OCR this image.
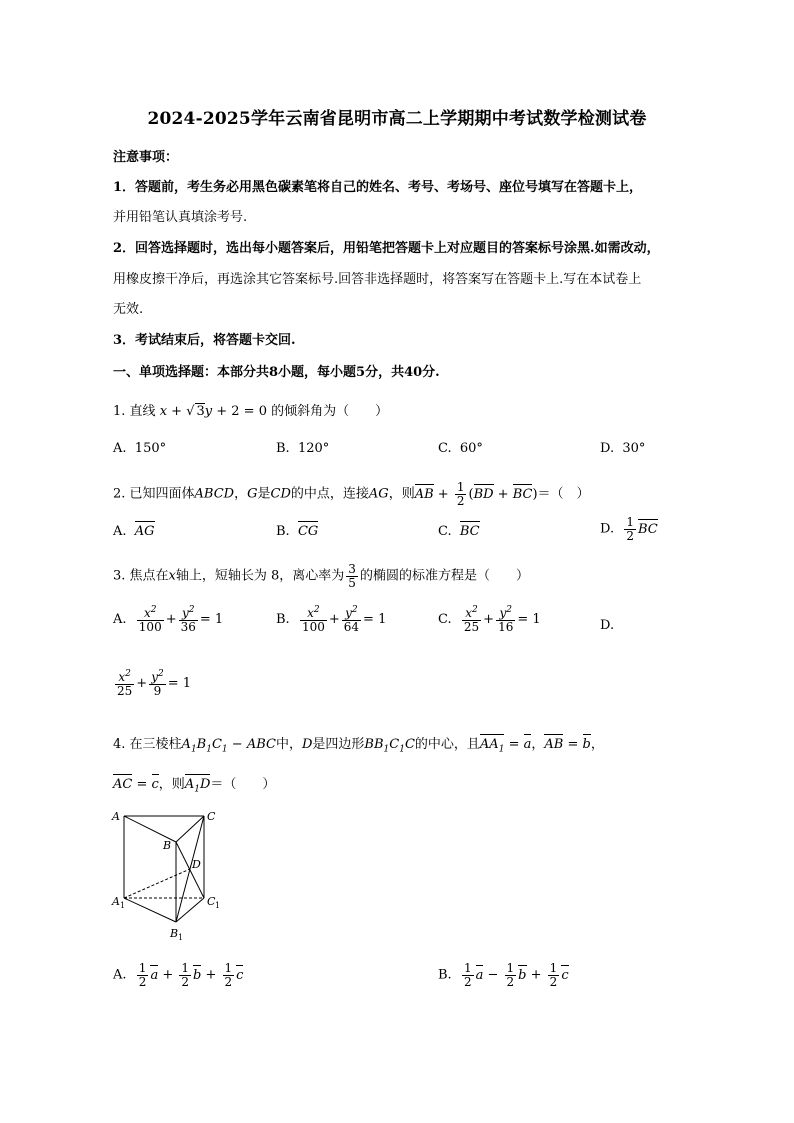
2024-2025学年云南省昆明市高二上学期期中考试数学检测试卷
注意事项：
1．答题前，考生务必用黑色碳素笔将自己的姓名、考号、考场号、座位号填写在答题卡上，
并用铅笔认真填涂考号.
2．回答选择题时，选出每小题答案后，用铅笔把答题卡上对应题目的答案标号涂黑.如需改动，
用橡皮擦干净后，再选涂其它答案标号.回答非选择题时，将答案写在答题卡上.写在本试卷上
无效.
3．考试结束后，将答题卡交回.
一、单项选择题：本部分共8小题，每小题5分，共40分.
1. 直线 x + √ 3y + 2 = 0 的倾斜角为（　　）
A. 150°	B. 120°	C. 60°	D. 30°
2. 已知四面体ABCD，G是CD的中点，连接AG，则AB + $\frac{1}{2} (BD + BC)=$（　）
A. AG	B. CG	C. BC	D. $\frac{1}{2}$ BC
3. 焦点在x轴上，短轴长为 8，离心率为 $\frac{3}{5}$ 的椭圆的标准方程是（　　）
A. $\frac{x^2}{100} + \frac{y^2}{36} = 1$	B. $\frac{x^2}{100} + \frac{y^2}{64} = 1$	C. $\frac{x^2}{25} + \frac{y^2}{16} = 1$	D.
$\frac{x^2}{25} + \frac{y^2}{9} = 1$
4. 在三棱柱$A_1B_1C_1$ − ABC中，D是四边形$BB_1C_1C$的中心，且$AA_1 = a$，AB = b，
AC = c，则$A_1D=$（　　）
A	C
B
D
A 1	C 1
B 1
A. $\frac{1}{2}$ $a + \frac{1}{2}$ $b + \frac{1}{2}$ c	B. $\frac{1}{2}$ $a - \frac{1}{2}$ $b + \frac{1}{2}$ c
